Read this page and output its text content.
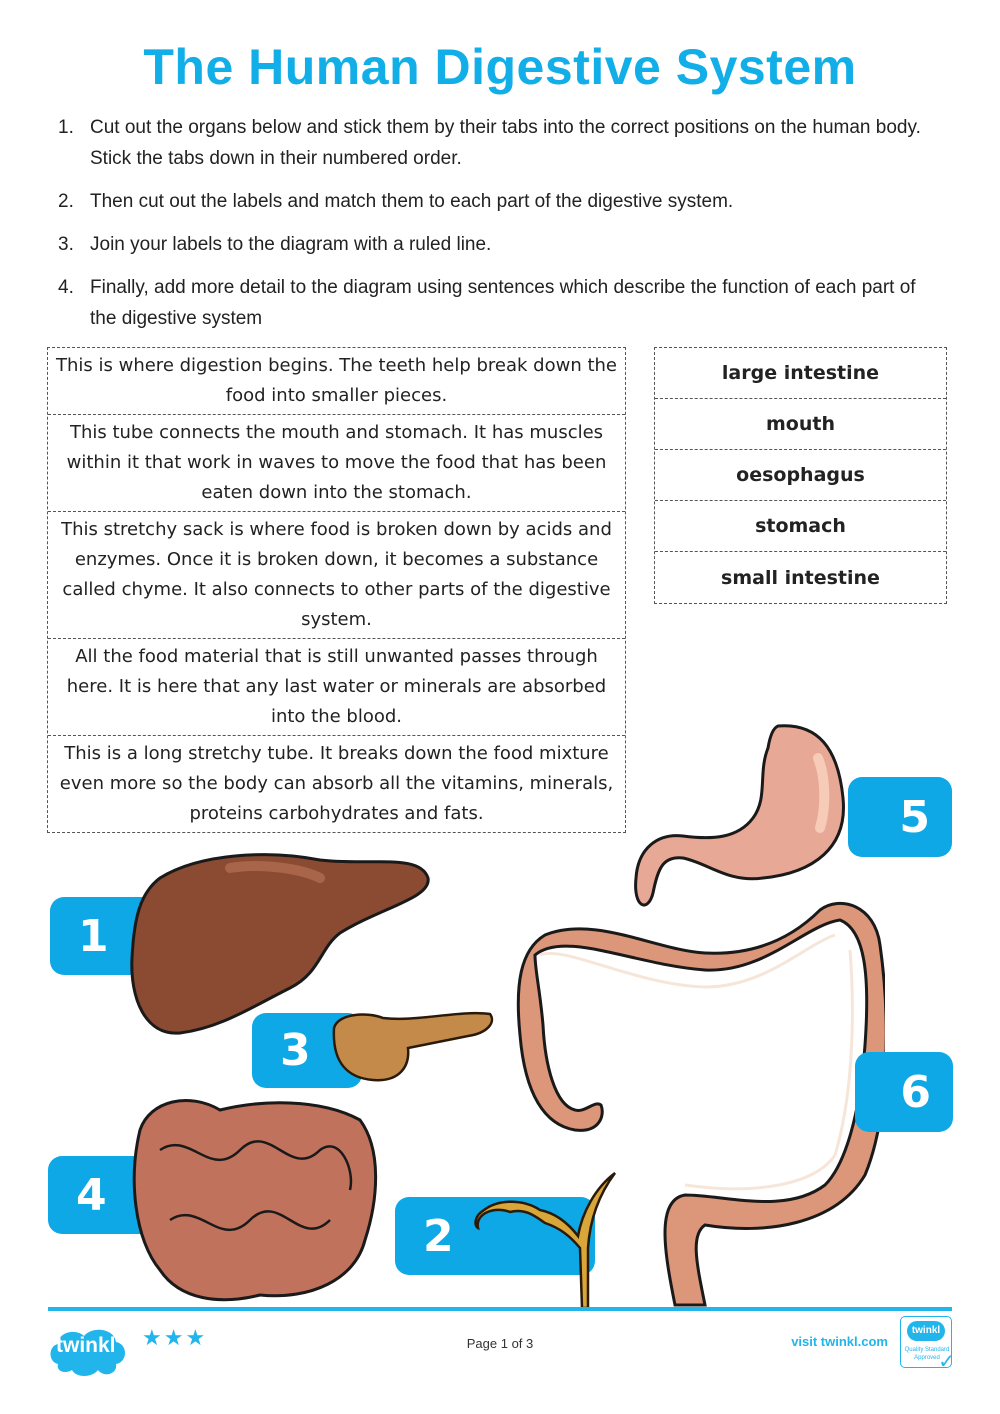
The Human Digestive System
1. Cut out the organs below and stick them by their tabs into the correct positions on the human body. Stick the tabs down in their numbered order.
2. Then cut out the labels and match them to each part of the digestive system.
3. Join your labels to the diagram with a ruled line.
4. Finally, add more detail to the diagram using sentences which describe the function of each part of the digestive system
This is where digestion begins. The teeth help break down the food into smaller pieces.
This tube connects the mouth and stomach. It has muscles within it that work in waves to move the food that has been eaten down into the stomach.
This stretchy sack is where food is broken down by acids and enzymes. Once it is broken down, it becomes a substance called chyme. It also connects to other parts of the digestive system.
All the food material that is still unwanted passes through here. It is here that any last water or minerals are absorbed into the blood.
This is a long stretchy tube. It breaks down the food mixture even more so the body can absorb all the vitamins, minerals, proteins carbohydrates and fats.
large intestine
mouth
oesophagus
stomach
small intestine
1
3
4
2
5
6
twinkl ★★★	Page 1 of 3	visit twinkl.com
twinkl
Quality Standard Approved
✓
